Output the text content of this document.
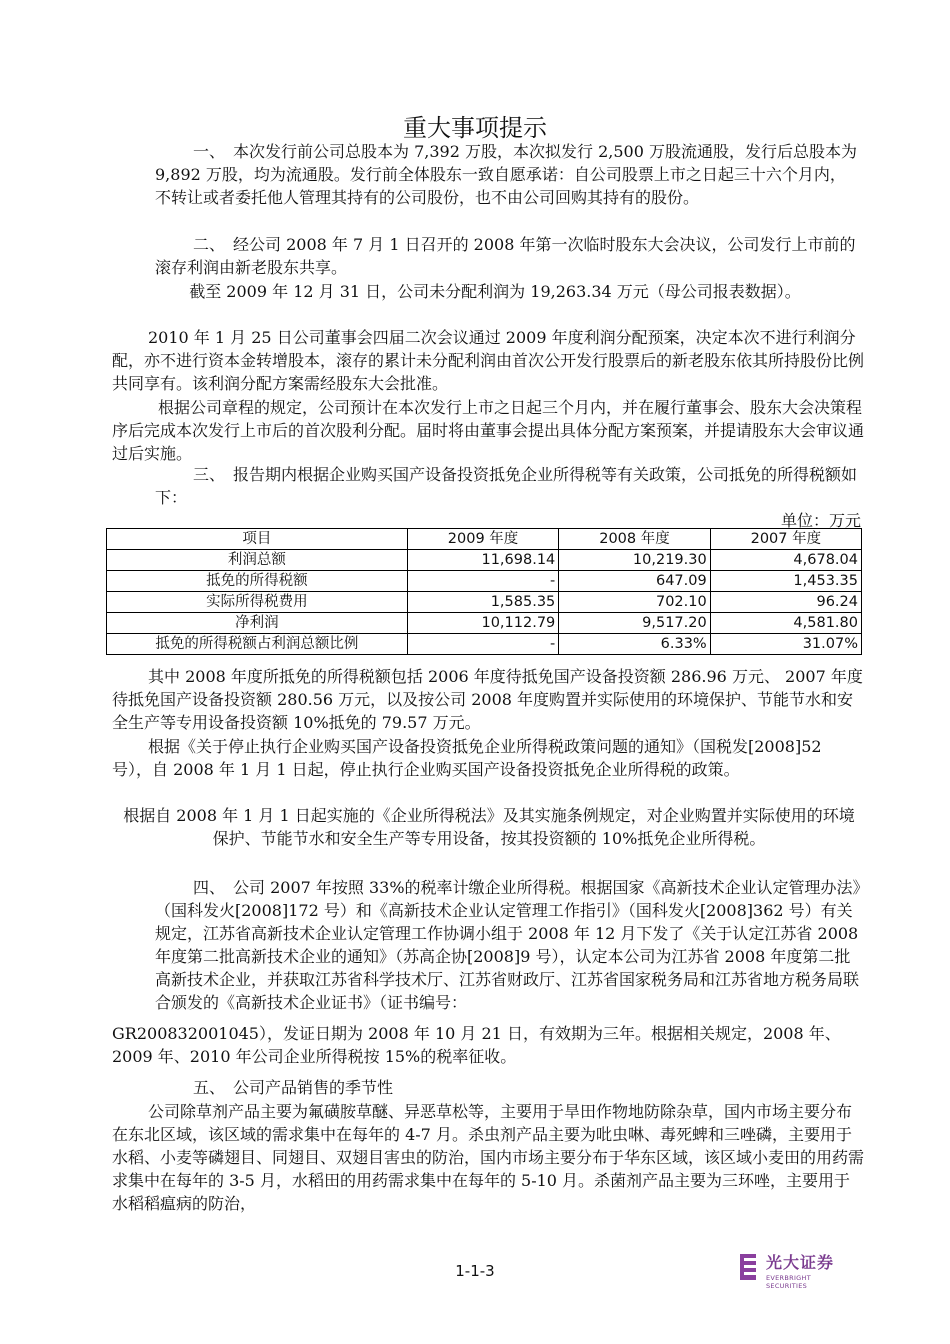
重大事项提示
一、　本次发行前公司总股本为 7,392 万股，本次拟发行 2,500 万股流通股，发行后总股本为 9,892 万股，均为流通股。发行前全体股东一致自愿承诺：自公司股票上市之日起三十六个月内，不转让或者委托他人管理其持有的公司股份，也不由公司回购其持有的股份。
二、　经公司 2008 年 7 月 1 日召开的 2008 年第一次临时股东大会决议，公司发行上市前的滚存利润由新老股东共享。
截至 2009 年 12 月 31 日，公司未分配利润为 19,263.34 万元（母公司报表数据）。
2010 年 1 月 25 日公司董事会四届二次会议通过 2009 年度利润分配预案，决定本次不进行利润分配，亦不进行资本金转增股本，滚存的累计未分配利润由首次公开发行股票后的新老股东依其所持股份比例共同享有。该利润分配方案需经股东大会批准。
根据公司章程的规定，公司预计在本次发行上市之日起三个月内，并在履行董事会、股东大会决策程序后完成本次发行上市后的首次股利分配。届时将由董事会提出具体分配方案预案，并提请股东大会审议通过后实施。
三、　报告期内根据企业购买国产设备投资抵免企业所得税等有关政策，公司抵免的所得税额如下：
单位：万元
项目	2009 年度	2008 年度	2007 年度
利润总额	11,698.14	10,219.30	4,678.04
抵免的所得税额	-	647.09	1,453.35
实际所得税费用	1,585.35	702.10	96.24
净利润	10,112.79	9,517.20	4,581.80
抵免的所得税额占利润总额比例	-	6.33%	31.07%
其中 2008 年度所抵免的所得税额包括 2006 年度待抵免国产设备投资额 286.96 万元、 2007 年度待抵免国产设备投资额 280.56 万元，以及按公司 2008 年度购置并实际使用的环境保护、节能节水和安全生产等专用设备投资额 10%抵免的 79.57 万元。
根据《关于停止执行企业购买国产设备投资抵免企业所得税政策问题的通知》（国税发[2008]52 号），自 2008 年 1 月 1 日起，停止执行企业购买国产设备投资抵免企业所得税的政策。
根据自 2008 年 1 月 1 日起实施的《企业所得税法》及其实施条例规定，对企业购置并实际使用的环境保护、节能节水和安全生产等专用设备，按其投资额的 10%抵免企业所得税。
四、　公司 2007 年按照 33%的税率计缴企业所得税。根据国家《高新技术企业认定管理办法》（国科发火[2008]172 号）和《高新技术企业认定管理工作指引》（国科发火[2008]362 号）有关规定，江苏省高新技术企业认定管理工作协调小组于 2008 年 12 月下发了《关于认定江苏省 2008 年度第二批高新技术企业的通知》（苏高企协[2008]9 号），认定本公司为江苏省 2008 年度第二批高新技术企业，并获取江苏省科学技术厅、江苏省财政厅、江苏省国家税务局和江苏省地方税务局联合颁发的《高新技术企业证书》（证书编号：
GR200832001045），发证日期为 2008 年 10 月 21 日，有效期为三年。根据相关规定，2008 年、2009 年、2010 年公司企业所得税按 15%的税率征收。
五、　公司产品销售的季节性
公司除草剂产品主要为氟磺胺草醚、异恶草松等，主要用于旱田作物地防除杂草，国内市场主要分布在东北区域，该区域的需求集中在每年的 4-7 月。杀虫剂产品主要为吡虫啉、毒死蜱和三唑磷，主要用于水稻、小麦等磷翅目、同翅目、双翅目害虫的防治，国内市场主要分布于华东区域，该区域小麦田的用药需求集中在每年的 3-5 月，水稻田的用药需求集中在每年的 5-10 月。杀菌剂产品主要为三环唑，主要用于水稻稻瘟病的防治，
1-1-3	光大证券
EVERBRIGHT SECURITIES
